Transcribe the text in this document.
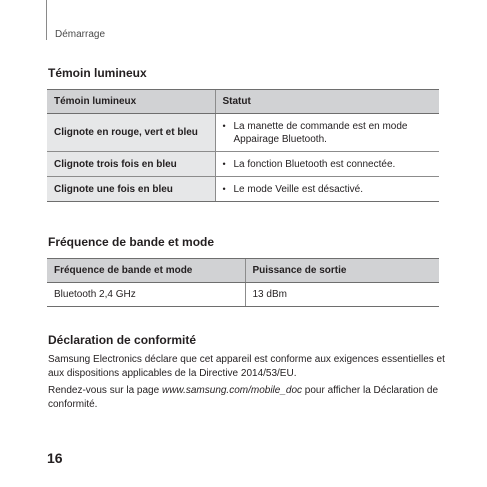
Démarrage
Témoin lumineux
Témoin lumineux	Statut
Clignote en rouge, vert et bleu	• La manette de commande est en mode Appairage Bluetooth.

Clignote trois fois en bleu	• La fonction Bluetooth est connectée.

Clignote une fois en bleu	• Le mode Veille est désactivé.
Fréquence de bande et mode
Fréquence de bande et mode	Puissance de sortie
Bluetooth 2,4 GHz	13 dBm
Déclaration de conformité

Samsung Electronics déclare que cet appareil est conforme aux exigences essentielles et aux dispositions applicables de la Directive 2014/53/EU.

Rendez-vous sur la page www.samsung.com/mobile_doc pour afficher la Déclaration de conformité.

16
